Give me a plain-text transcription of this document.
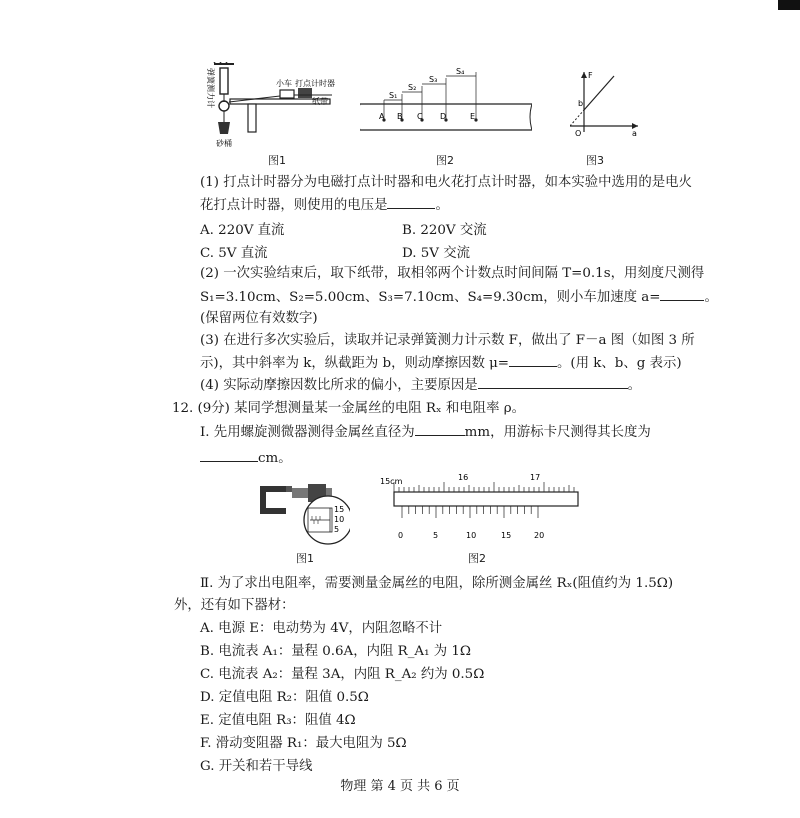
弹簧测力计	小车 打点计时器
纸带
砂桶
图1
A B C D	E
S₁
S₂
S₃
S₄
图2
F
b
O	a
图3
(1) 打点计时器分为电磁打点计时器和电火花打点计时器，如本实验中选用的是电火
花打点计时器，则使用的电压是	。
A. 220V 直流	B. 220V 交流
C. 5V 直流	D. 5V 交流
(2) 一次实验结束后，取下纸带，取相邻两个计数点时间间隔 T=0.1s，用刻度尺测得
S₁=3.10cm、S₂=5.00cm、S₃=7.10cm、S₄=9.30cm，则小车加速度 a=	。
(保留两位有效数字)
(3) 在进行多次实验后，读取并记录弹簧测力计示数 F，做出了 F－a 图（如图 3 所
示)，其中斜率为 k，纵截距为 b，则动摩擦因数 μ=	。(用 k、b、g 表示)
(4) 实际动摩擦因数比所求的偏小，主要原因是	。
12. (9分) 某同学想测量某一金属丝的电阻 Rₓ 和电阻率 ρ。
Ⅰ. 先用螺旋测微器测得金属丝直径为	mm，用游标卡尺测得其长度为
cm。
15
10
5
图1
15cm	16	17
0	5	10	15	20
图2
Ⅱ. 为了求出电阻率，需要测量金属丝的电阻，除所测金属丝 Rₓ(阻值约为 1.5Ω)
外，还有如下器材：
A. 电源 E：电动势为 4V，内阻忽略不计
B. 电流表 A₁：量程 0.6A，内阻 R_A₁ 为 1Ω
C. 电流表 A₂：量程 3A，内阻 R_A₂ 约为 0.5Ω
D. 定值电阻 R₂：阻值 0.5Ω
E. 定值电阻 R₃：阻值 4Ω
F. 滑动变阻器 R₁：最大电阻为 5Ω
G. 开关和若干导线
物理 第 4 页 共 6 页
